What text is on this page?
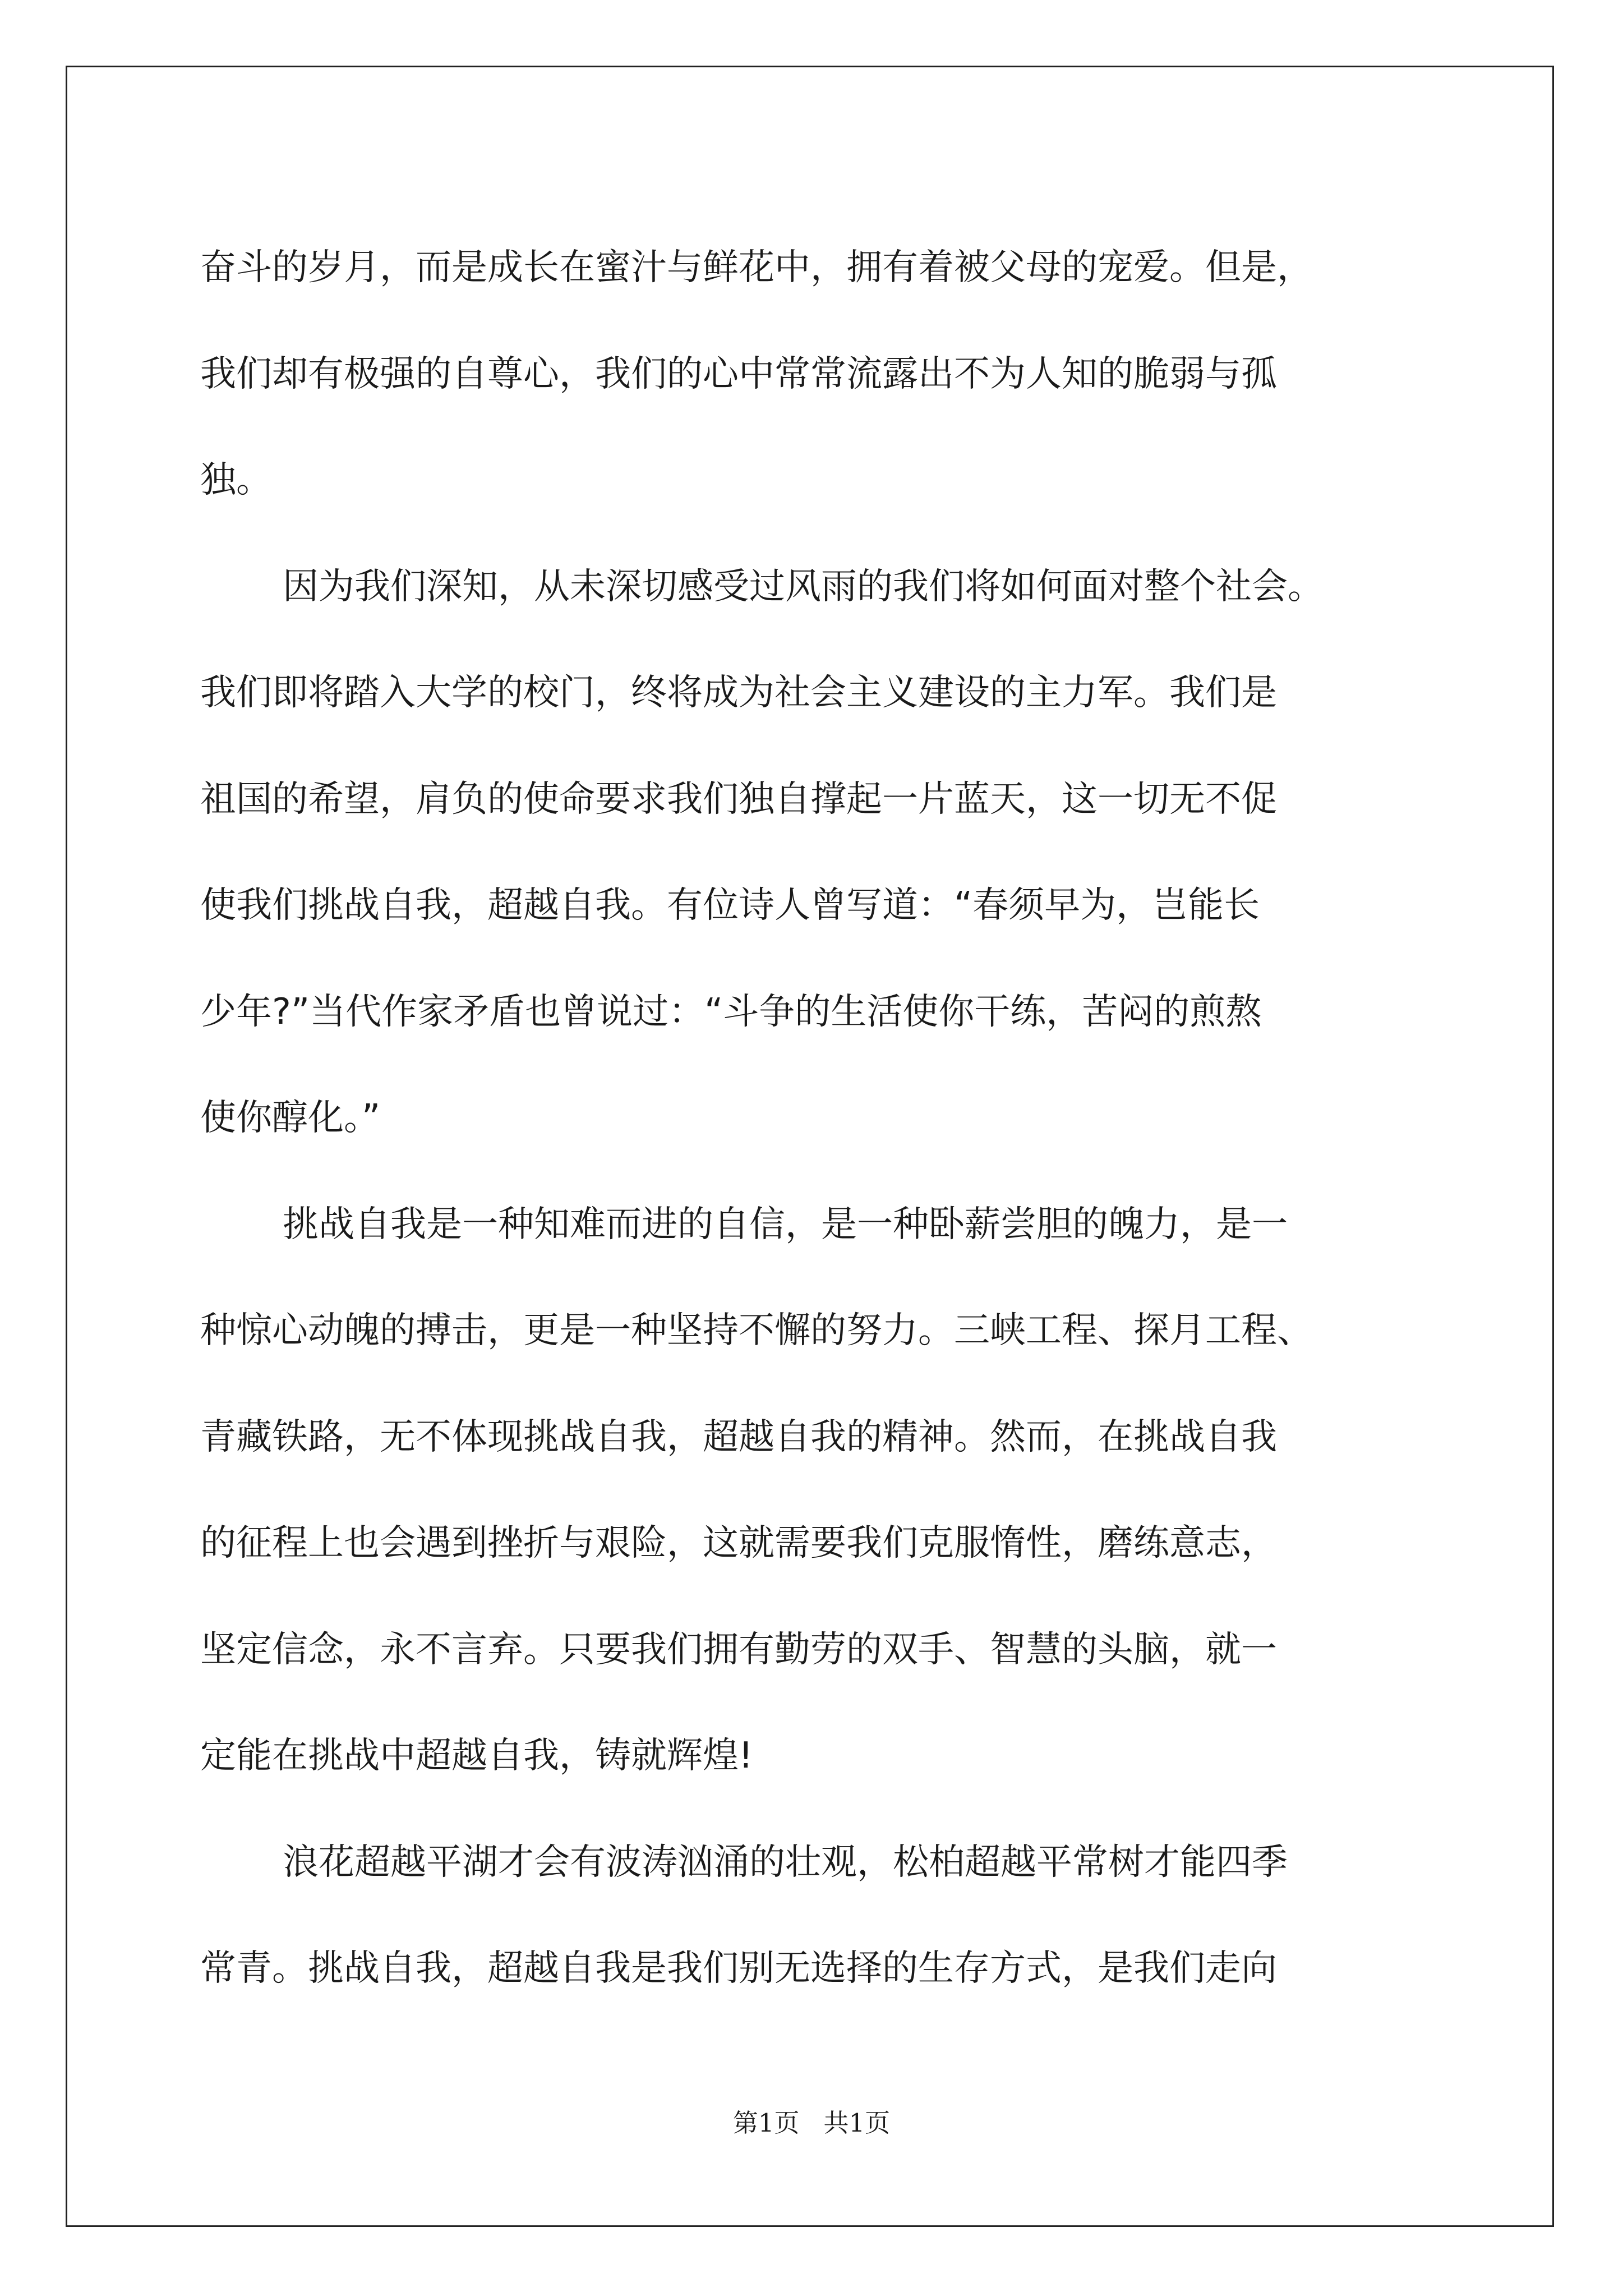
奋斗的岁月，而是成长在蜜汁与鲜花中，拥有着被父母的宠爱。但是，
我们却有极强的自尊心，我们的心中常常流露出不为人知的脆弱与孤
独。
因为我们深知，从未深切感受过风雨的我们将如何面对整个社会。
我们即将踏入大学的校门，终将成为社会主义建设的主力军。我们是
祖国的希望，肩负的使命要求我们独自撑起一片蓝天，这一切无不促
使我们挑战自我，超越自我。有位诗人曾写道：“春须早为，岂能长
少年?”当代作家矛盾也曾说过：“斗争的生活使你干练，苦闷的煎熬
使你醇化。”
挑战自我是一种知难而进的自信，是一种卧薪尝胆的魄力，是一
种惊心动魄的搏击，更是一种坚持不懈的努力。三峡工程、探月工程、
青藏铁路，无不体现挑战自我，超越自我的精神。然而，在挑战自我
的征程上也会遇到挫折与艰险，这就需要我们克服惰性，磨练意志，
坚定信念，永不言弃。只要我们拥有勤劳的双手、智慧的头脑，就一
定能在挑战中超越自我，铸就辉煌!
浪花超越平湖才会有波涛汹涌的壮观，松柏超越平常树才能四季
常青。挑战自我，超越自我是我们别无选择的生存方式，是我们走向
第1页   共1页
